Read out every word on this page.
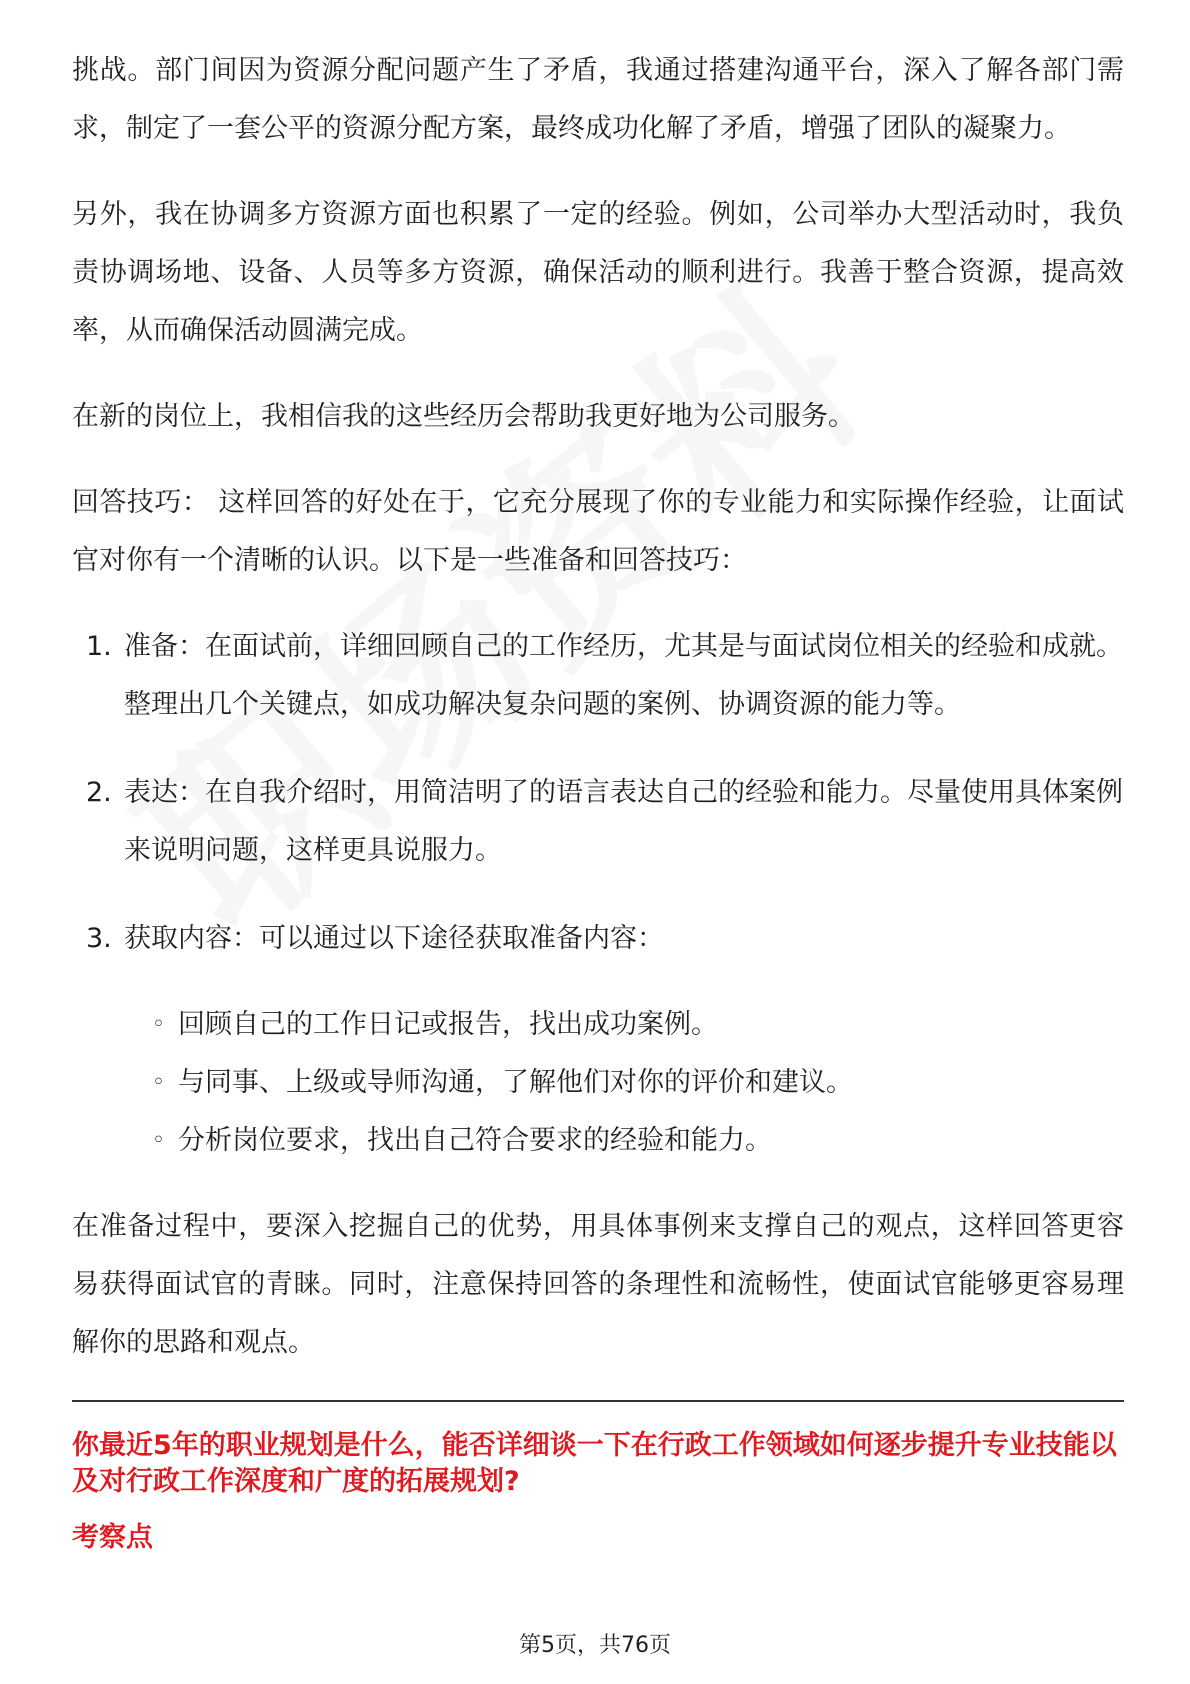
挑战。部门间因为资源分配问题产生了矛盾，我通过搭建沟通平台，深入了解各部门需求，制定了一套公平的资源分配方案，最终成功化解了矛盾，增强了团队的凝聚力。

另外，我在协调多方资源方面也积累了一定的经验。例如，公司举办大型活动时，我负责协调场地、设备、人员等多方资源，确保活动的顺利进行。我善于整合资源，提高效率，从而确保活动圆满完成。

在新的岗位上，我相信我的这些经历会帮助我更好地为公司服务。

回答技巧： 这样回答的好处在于，它充分展现了你的专业能力和实际操作经验，让面试官对你有一个清晰的认识。以下是一些准备和回答技巧：

1. 准备：在面试前，详细回顾自己的工作经历，尤其是与面试岗位相关的经验和成就。整理出几个关键点，如成功解决复杂问题的案例、协调资源的能力等。
2. 表达：在自我介绍时，用简洁明了的语言表达自己的经验和能力。尽量使用具体案例来说明问题，这样更具说服力。
3. 获取内容：可以通过以下途径获取准备内容：
◦ 回顾自己的工作日记或报告，找出成功案例。
◦ 与同事、上级或导师沟通，了解他们对你的评价和建议。
◦ 分析岗位要求，找出自己符合要求的经验和能力。

在准备过程中，要深入挖掘自己的优势，用具体事例来支撑自己的观点，这样回答更容易获得面试官的青睐。同时，注意保持回答的条理性和流畅性，使面试官能够更容易理解你的思路和观点。

你最近5年的职业规划是什么，能否详细谈一下在行政工作领域如何逐步提升专业技能以及对行政工作深度和广度的拓展规划?

考察点

第5页，共76页
